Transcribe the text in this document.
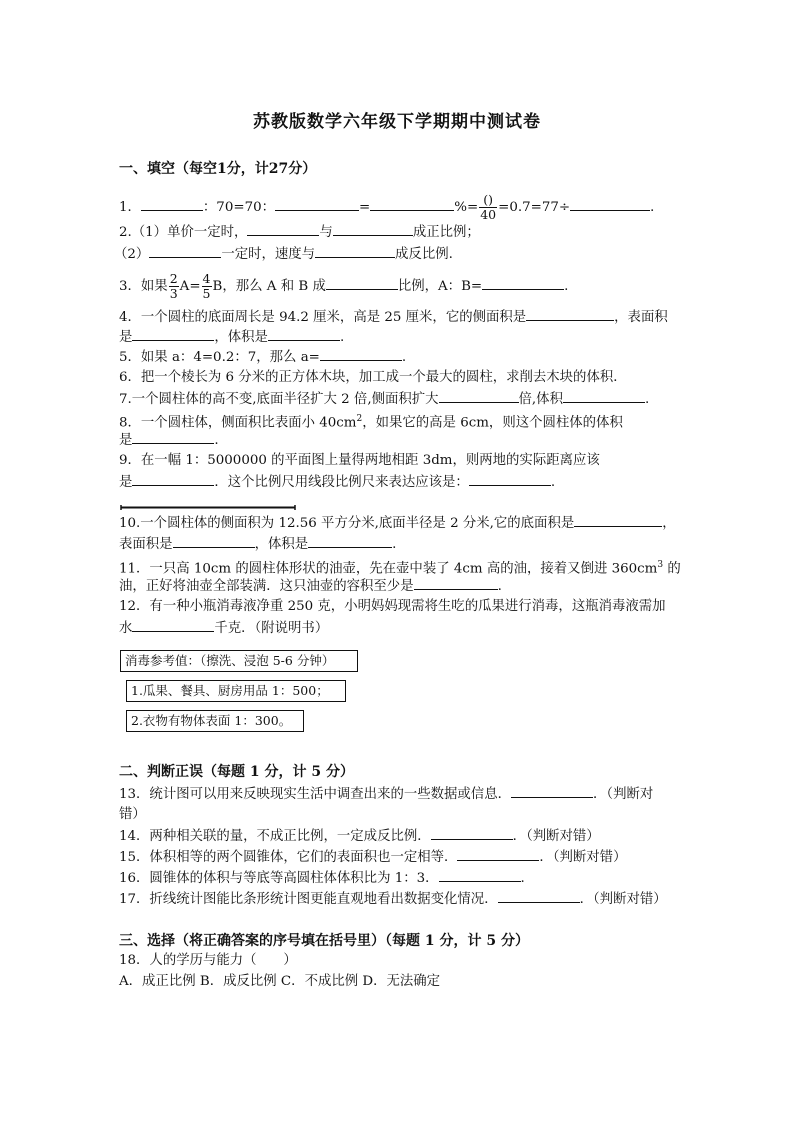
苏教版数学六年级下学期期中测试卷
一、填空（每空1分，计27分）
1．	：70=70：	=	%= $\frac{()}{40} =0.7=77\div$	．
2.（1）单价一定时，	与	成正比例；
（2）	一定时，速度与	成反比例.
3．如果 $\frac{2}{3} A= \frac{4}{5}$ B，那么 A 和 B 成	比例，A：B=	.
4．一个圆柱的底面周长是 94.2 厘米，高是 25 厘米，它的侧面积是	，表面积
是	，体积是	.
5．如果 a：4=0.2：7，那么 a=	.
6．把一个棱长为 6 分米的正方体木块，加工成一个最大的圆柱，求削去木块的体积．
7.一个圆柱体的高不变,底面半径扩大 2 倍,侧面积扩大	倍,体积	.
8．一个圆柱体，侧面积比表面小 $40cm^2$，如果它的高是 6cm，则这个圆柱体的体积
是	.
9．在一幅 1：5000000 的平面图上量得两地相距 3dm，则两地的实际距离应该
是	．这个比例尺用线段比例尺来表达应该是：	.
10.一个圆柱体的侧面积为 12.56 平方分米,底面半径是 2 分米,它的底面积是	，
表面积是	，体积是	.
11．一只高 10cm 的圆柱体形状的油壶，先在壶中装了 4cm 高的油，接着又倒进 $360cm^3$ 的
油，正好将油壶全部装满．这只油壶的容积至少是	.
12．有一种小瓶消毒液净重 250 克，小明妈妈现需将生吃的瓜果进行消毒，这瓶消毒液需加
水	千克．（附说明书）
消毒参考值：（擦洗、浸泡 5-6 分钟）
1.瓜果、餐具、厨房用品 1：500；
2.衣物有物体表面 1：300。
二、判断正误（每题 1 分，计 5 分）
13．统计图可以用来反映现实生活中调查出来的一些数据或信息．	．（判断对
错）
14．两种相关联的量，不成正比例，一定成反比例．	．（判断对错）
15．体积相等的两个圆锥体，它们的表面积也一定相等．	．（判断对错）
16．圆锥体的体积与等底等高圆柱体体积比为 1：3．	.
17．折线统计图能比条形统计图更能直观地看出数据变化情况．	．（判断对错）
三、选择（将正确答案的序号填在括号里）（每题 1 分，计 5 分）
18．人的学历与能力（　　）
A．成正比例 B．成反比例 C．不成比例 D．无法确定
